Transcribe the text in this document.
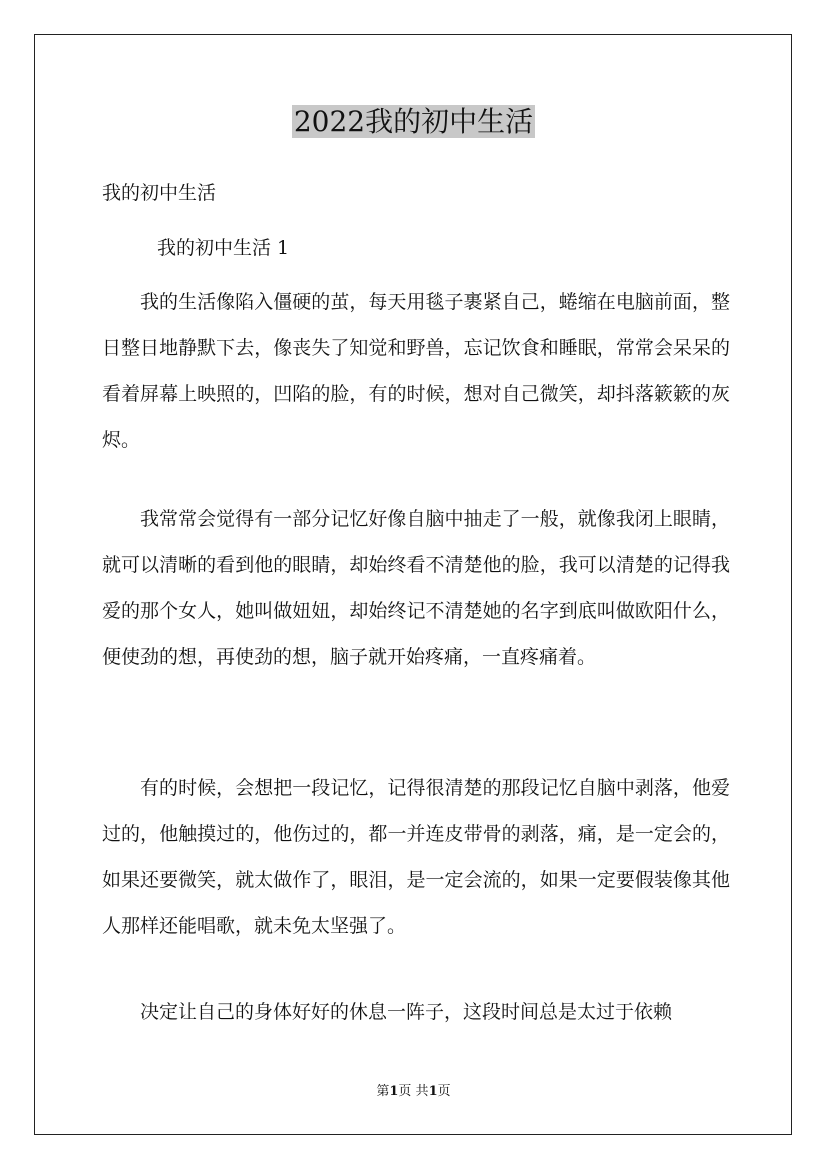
2022我的初中生活
我的初中生活
我的初中生活 1

我的生活像陷入僵硬的茧，每天用毯子裹紧自己，蜷缩在电脑前面，整日整日地静默下去，像丧失了知觉和野兽，忘记饮食和睡眠，常常会呆呆的看着屏幕上映照的，凹陷的脸，有的时候，想对自己微笑，却抖落簌簌的灰烬。

我常常会觉得有一部分记忆好像自脑中抽走了一般，就像我闭上眼睛，就可以清晰的看到他的眼睛，却始终看不清楚他的脸，我可以清楚的记得我爱的那个女人，她叫做妞妞，却始终记不清楚她的名字到底叫做欧阳什么，便使劲的想，再使劲的想，脑子就开始疼痛，一直疼痛着。

有的时候，会想把一段记忆，记得很清楚的那段记忆自脑中剥落，他爱过的，他触摸过的，他伤过的，都一并连皮带骨的剥落，痛，是一定会的，如果还要微笑，就太做作了，眼泪，是一定会流的，如果一定要假装像其他人那样还能唱歌，就未免太坚强了。

决定让自己的身体好好的休息一阵子，这段时间总是太过于依赖

第1页 共1页
